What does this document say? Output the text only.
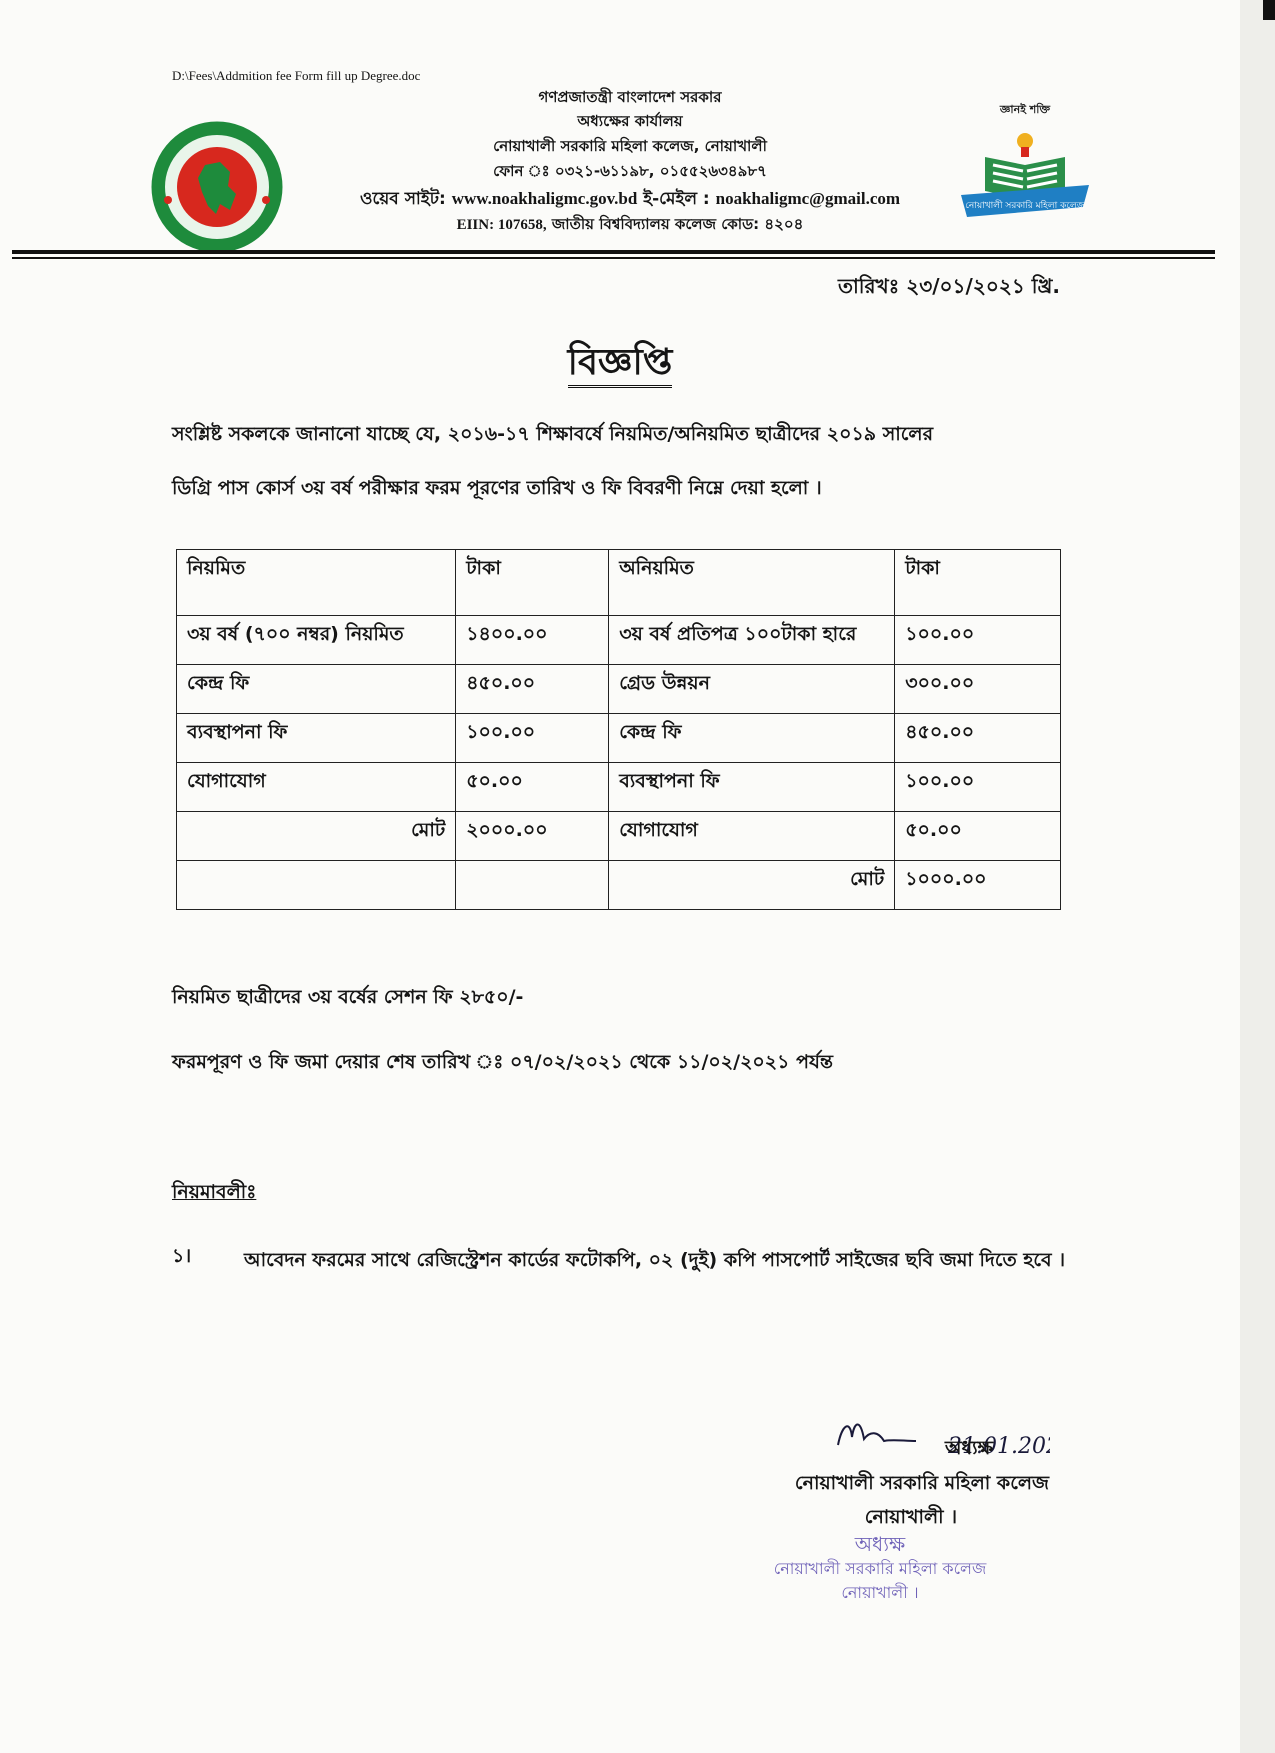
D:\Fees\Addmition fee Form fill up Degree.doc
গণপ্রজাতন্ত্রী বাংলাদেশ সরকার
অধ্যক্ষের কার্যালয়
নোয়াখালী সরকারি মহিলা কলেজ, নোয়াখালী
ফোন ঃ ০৩২১-৬১১৯৮, ০১৫৫২৬৩৪৯৮৭
ওয়েব সাইট: www.noakhaligmc.gov.bd ই-মেইল : noakhaligmc@gmail.com
EIIN: 107658, জাতীয় বিশ্ববিদ্যালয় কলেজ কোড: ৪২০৪
জ্ঞানই শক্তি
নোয়াখালী সরকারি মহিলা কলেজ
তারিখঃ ২৩/০১/২০২১ খ্রি.
বিজ্ঞপ্তি
সংশ্লিষ্ট সকলকে জানানো যাচ্ছে যে, ২০১৬-১৭ শিক্ষাবর্ষে নিয়মিত/অনিয়মিত ছাত্রীদের ২০১৯ সালের
ডিগ্রি পাস কোর্স ৩য় বর্ষ পরীক্ষার ফরম পূরণের তারিখ ও ফি বিবরণী নিম্নে দেয়া হলো ।
নিয়মিত	টাকা	অনিয়মিত	টাকা
৩য় বর্ষ (৭০০ নম্বর) নিয়মিত	১৪০০.০০	৩য় বর্ষ প্রতিপত্র ১০০টাকা হারে	১০০.০০
কেন্দ্র ফি	৪৫০.০০	গ্রেড উন্নয়ন	৩০০.০০
ব্যবস্থাপনা ফি	১০০.০০	কেন্দ্র ফি	৪৫০.০০
যোগাযোগ	৫০.০০	ব্যবস্থাপনা ফি	১০০.০০
মোট	২০০০.০০	যোগাযোগ	৫০.০০
		মোট	১০০০.০০
নিয়মিত ছাত্রীদের ৩য় বর্ষের সেশন ফি ২৮৫০/-
ফরমপূরণ ও ফি জমা দেয়ার শেষ তারিখ ঃ ০৭/০২/২০২১ থেকে ১১/০২/২০২১ পর্যন্ত
নিয়মাবলীঃ
১।	আবেদন ফরমের সাথে রেজিস্ট্রেশন কার্ডের ফটোকপি, ০২ (দুই) কপি পাসপোর্ট সাইজের ছবি জমা দিতে হবে ।
21.01.20
অধ্যক্ষ
নোয়াখালী সরকারি মহিলা কলেজ
নোয়াখালী ।
অধ্যক্ষ
নোয়াখালী সরকারি মহিলা কলেজ
নোয়াখালী ।
